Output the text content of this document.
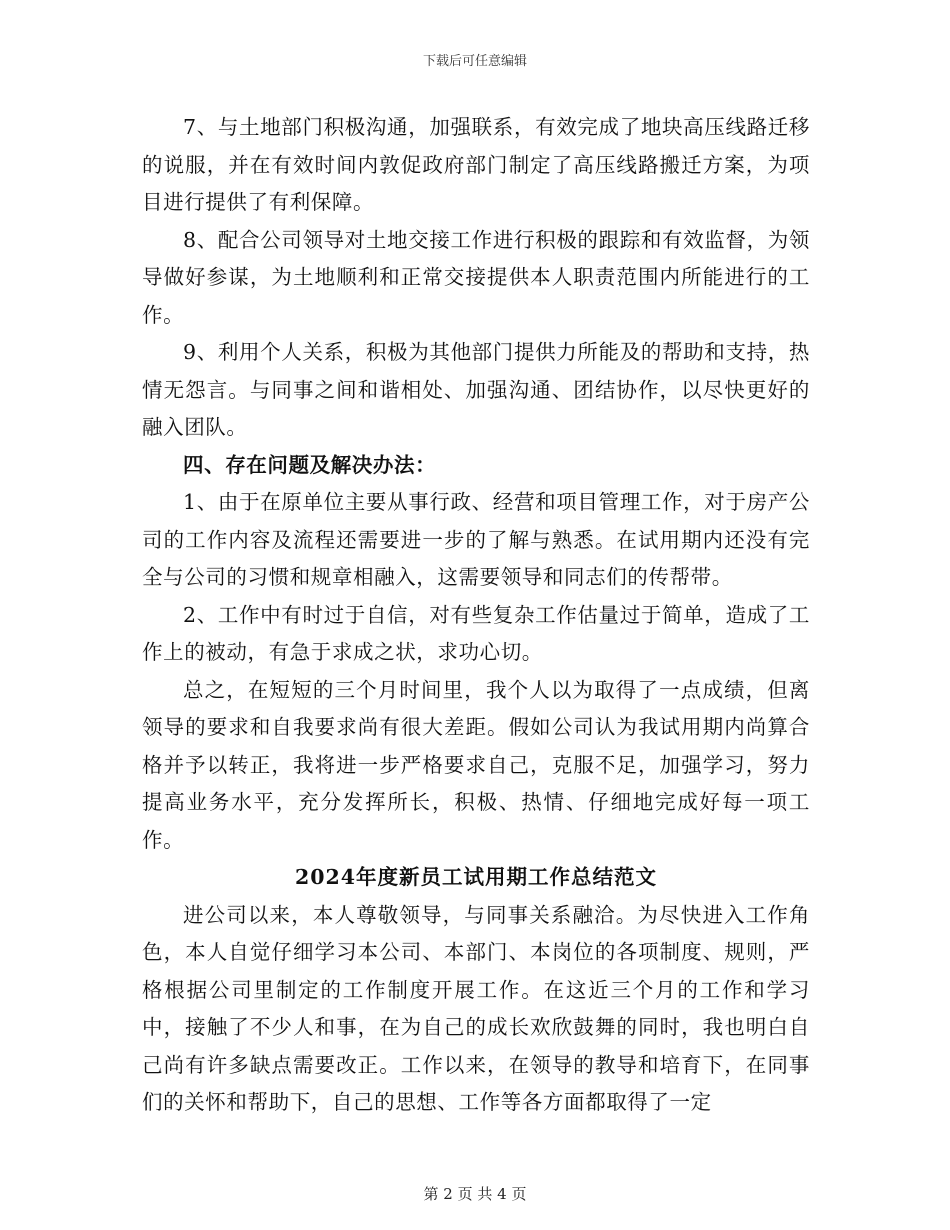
下载后可任意编辑

7、与土地部门积极沟通，加强联系，有效完成了地块高压线路迁移的说服，并在有效时间内敦促政府部门制定了高压线路搬迁方案，为项目进行提供了有利保障。

8、配合公司领导对土地交接工作进行积极的跟踪和有效监督，为领导做好参谋，为土地顺利和正常交接提供本人职责范围内所能进行的工作。

9、利用个人关系，积极为其他部门提供力所能及的帮助和支持，热情无怨言。与同事之间和谐相处、加强沟通、团结协作，以尽快更好的融入团队。

四、存在问题及解决办法：

1、由于在原单位主要从事行政、经营和项目管理工作，对于房产公司的工作内容及流程还需要进一步的了解与熟悉。在试用期内还没有完全与公司的习惯和规章相融入，这需要领导和同志们的传帮带。

2、工作中有时过于自信，对有些复杂工作估量过于简单，造成了工作上的被动，有急于求成之状，求功心切。

总之，在短短的三个月时间里，我个人以为取得了一点成绩，但离领导的要求和自我要求尚有很大差距。假如公司认为我试用期内尚算合格并予以转正，我将进一步严格要求自己，克服不足，加强学习，努力提高业务水平，充分发挥所长，积极、热情、仔细地完成好每一项工作。

2024年度新员工试用期工作总结范文

进公司以来，本人尊敬领导，与同事关系融洽。为尽快进入工作角色，本人自觉仔细学习本公司、本部门、本岗位的各项制度、规则，严格根据公司里制定的工作制度开展工作。在这近三个月的工作和学习中，接触了不少人和事，在为自己的成长欢欣鼓舞的同时，我也明白自己尚有许多缺点需要改正。工作以来，在领导的教导和培育下，在同事们的关怀和帮助下，自己的思想、工作等各方面都取得了一定

第 2 页 共 4 页
